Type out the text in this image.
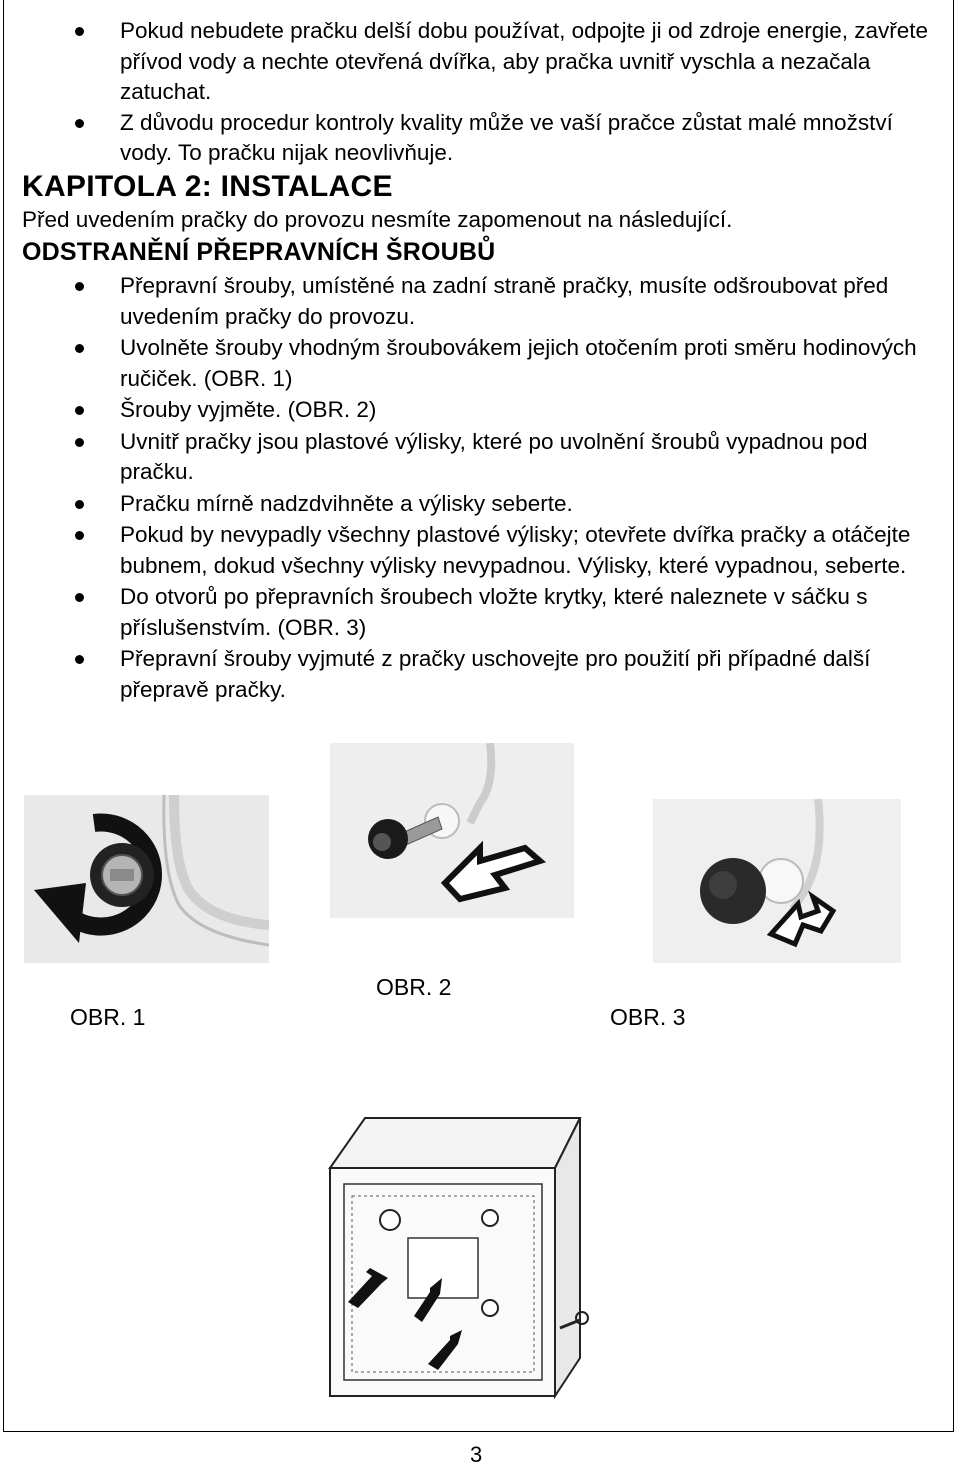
Pokud nebudete pračku delší dobu používat, odpojte ji od zdroje energie, zavřete přívod vody a nechte otevřená dvířka, aby pračka uvnitř vyschla a nezačala zatuchat.
Z důvodu procedur kontroly kvality může ve vaší pračce zůstat malé množství vody. To pračku nijak neovlivňuje.
KAPITOLA 2: INSTALACE

Před uvedením pračky do provozu nesmíte zapomenout na následující.

ODSTRANĚNÍ PŘEPRAVNÍCH ŠROUBŮ
Přepravní šrouby, umístěné na zadní straně pračky, musíte odšroubovat před uvedením pračky do provozu.
Uvolněte šrouby vhodným šroubovákem jejich otočením proti směru hodinových ručiček. (OBR. 1)
Šrouby vyjměte. (OBR. 2)
Uvnitř pračky jsou plastové výlisky, které po uvolnění šroubů vypadnou pod pračku.
Pračku mírně nadzdvihněte a výlisky seberte.
Pokud by nevypadly všechny plastové výlisky; otevřete dvířka pračky a otáčejte bubnem, dokud všechny výlisky nevypadnou. Výlisky, které vypadnou, seberte.
Do otvorů po přepravních šroubech vložte krytky, které naleznete v sáčku s příslušenstvím. (OBR. 3)
Přepravní šrouby vyjmuté z pračky uschovejte pro použití při případné další přepravě pračky.

OBR. 1

OBR. 2

OBR. 3

3
